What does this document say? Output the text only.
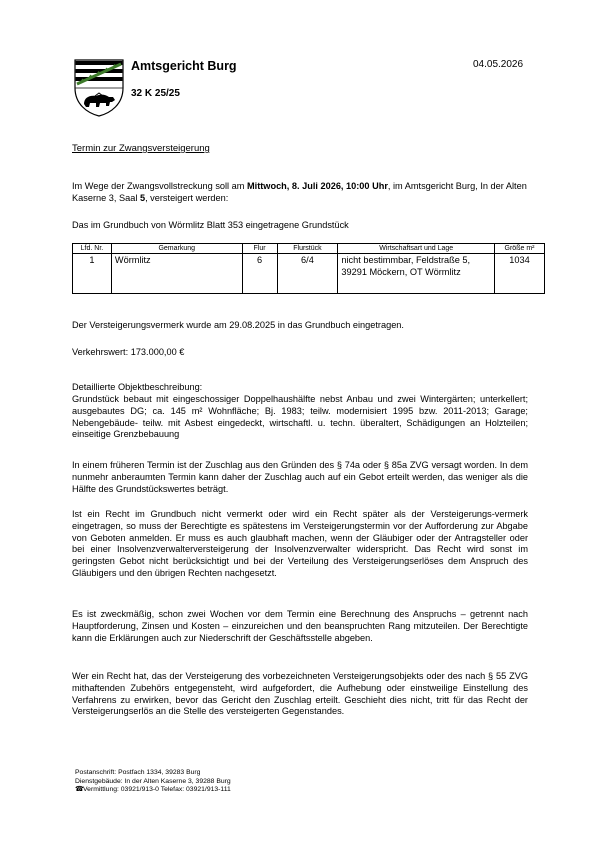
Amtsgericht Burg
32 K 25/25
04.05.2026
Termin zur Zwangsversteigerung
Im Wege der Zwangsvollstreckung soll am Mittwoch, 8. Juli 2026, 10:00 Uhr, im Amtsgericht Burg, In der Alten Kaserne 3, Saal 5, versteigert werden:
Das im Grundbuch von Wörmlitz Blatt 353 eingetragene Grundstück
Lfd. Nr.	Gemarkung	Flur	Flurstück	Wirtschaftsart und Lage	Größe m²
1	Wörmlitz	6	6/4	nicht bestimmbar, Feldstraße 5, 39291 Möckern, OT Wörmlitz	1034
Der Versteigerungsvermerk wurde am 29.08.2025 in das Grundbuch eingetragen.
Verkehrswert: 173.000,00 €
Detaillierte Objektbeschreibung:
Grundstück bebaut mit eingeschossiger Doppelhaushälfte nebst Anbau und zwei Wintergärten; unterkellert; ausgebautes DG; ca. 145 m² Wohnfläche; Bj. 1983; teilw. modernisiert 1995 bzw. 2011-2013; Garage; Nebengebäude- teilw. mit Asbest eingedeckt, wirtschaftl. u. techn. überaltert, Schädigungen an Holzteilen; einseitige Grenzbebauung
In einem früheren Termin ist der Zuschlag aus den Gründen des § 74a oder § 85a ZVG versagt worden. In dem nunmehr anberaumten Termin kann daher der Zuschlag auch auf ein Gebot erteilt werden, das weniger als die Hälfte des Grundstückswertes beträgt.
Ist ein Recht im Grundbuch nicht vermerkt oder wird ein Recht später als der Versteigerungs-vermerk eingetragen, so muss der Berechtigte es spätestens im Versteigerungstermin vor der Aufforderung zur Abgabe von Geboten anmelden. Er muss es auch glaubhaft machen, wenn der Gläubiger oder der Antragsteller oder bei einer Insolvenzverwalterversteigerung der Insolvenzverwalter widerspricht. Das Recht wird sonst im geringsten Gebot nicht berücksichtigt und bei der Verteilung des Versteigerungserlöses dem Anspruch des Gläubigers und den übrigen Rechten nachgesetzt.
Es ist zweckmäßig, schon zwei Wochen vor dem Termin eine Berechnung des Anspruchs – getrennt nach Hauptforderung, Zinsen und Kosten – einzureichen und den beanspruchten Rang mitzuteilen. Der Berechtigte kann die Erklärungen auch zur Niederschrift der Geschäftsstelle abgeben.
Wer ein Recht hat, das der Versteigerung des vorbezeichneten Versteigerungsobjekts oder des nach § 55 ZVG mithaftenden Zubehörs entgegensteht, wird aufgefordert, die Aufhebung oder einstweilige Einstellung des Verfahrens zu erwirken, bevor das Gericht den Zuschlag erteilt. Geschieht dies nicht, tritt für das Recht der Versteigerungserlös an die Stelle des versteigerten Gegenstandes.
Postanschrift: Postfach 1334, 39283 Burg
Dienstgebäude: In der Alten Kaserne 3, 39288 Burg
☎Vermittlung: 03921/913-0 Telefax: 03921/913-111
